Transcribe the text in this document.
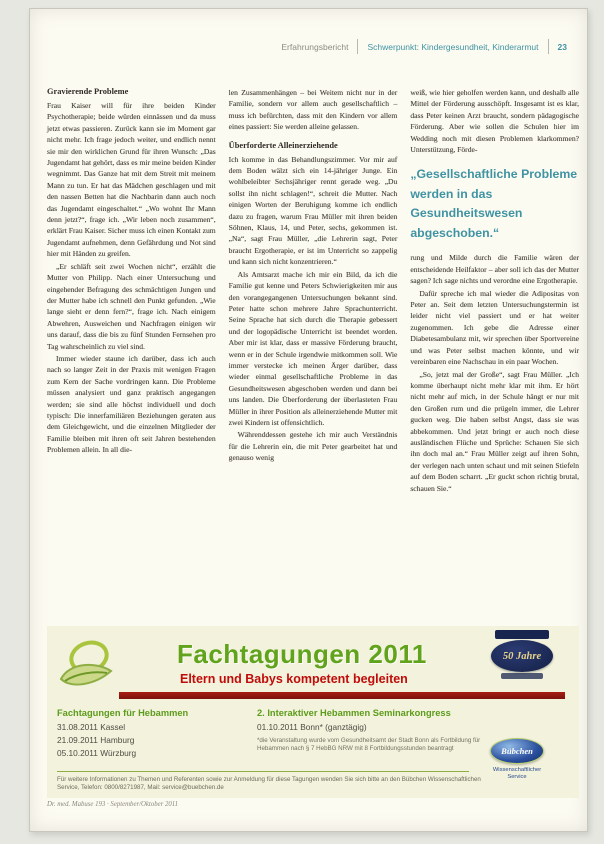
Erfahrungsbericht Schwerpunkt: Kindergesundheit, Kinderarmut 23
Gravierende Probleme

Frau Kaiser will für ihre beiden Kinder Psychotherapie; beide würden einnässen und da muss jetzt etwas passieren. Zurück kann sie im Moment gar nicht mehr. Ich frage jedoch weiter, und endlich nennt sie mir den wirklichen Grund für ihren Wunsch: „Das Jugendamt hat gehört, dass es mir meine beiden Kinder wegnimmt. Das Ganze hat mit dem Streit mit meinem Mann zu tun. Er hat das Mädchen geschlagen und mit den nassen Betten hat die Nachbarin dann auch noch das Jugendamt eingeschaltet.“ „Wo wohnt Ihr Mann denn jetzt?“, frage ich. „Wir leben noch zusammen“, erklärt Frau Kaiser. Sicher muss ich einen Kontakt zum Jugendamt aufnehmen, denn Gefährdung und Not sind hier mit Händen zu greifen.

„Er schläft seit zwei Wochen nicht“, erzählt die Mutter von Philipp. Nach einer Untersuchung und eingehender Befragung des schmächtigen Jungen und der Mutter habe ich schnell den Punkt gefunden. „Wie lange sieht er denn fern?“, frage ich. Nach einigem Abwehren, Ausweichen und Nachfragen einigen wir uns darauf, dass die bis zu fünf Stunden Fernsehen pro Tag wahrscheinlich zu viel sind.

Immer wieder staune ich darüber, dass ich auch nach so langer Zeit in der Praxis mit wenigen Fragen zum Kern der Sache vordringen kann. Die Probleme müssen analysiert und ganz praktisch angegangen werden; sie sind alle höchst individuell und doch typisch: Die innerfamiliären Beziehungen geraten aus dem Gleichgewicht, und die einzelnen Mitglieder der Familie bleiben mit ihren oft seit Jahren bestehenden Problemen allein. In all die-

len Zusammenhängen – bei Weitem nicht nur in der Familie, sondern vor allem auch gesellschaftlich – muss ich befürchten, dass mit den Kindern vor allem eines passiert: Sie werden alleine gelassen.

Überforderte Alleinerziehende

Ich komme in das Behandlungszimmer. Vor mir auf dem Boden wälzt sich ein 14-jähriger Junge. Ein wohlbeleibter Sechsjähriger rennt gerade weg. „Du sollst ihn nicht schlagen!“, schreit die Mutter. Nach einigen Worten der Beruhigung komme ich endlich dazu zu fragen, warum Frau Müller mit ihren beiden Söhnen, Klaus, 14, und Peter, sechs, gekommen ist. „Na“, sagt Frau Müller, „die Lehrerin sagt, Peter braucht Ergotherapie, er ist im Unterricht so zappelig und kann sich nicht konzentrieren.“

Als Amtsarzt mache ich mir ein Bild, da ich die Familie gut kenne und Peters Schwierigkeiten mir aus den vorangegangenen Untersuchungen bekannt sind. Peter hatte schon mehrere Jahre Sprachunterricht. Seine Sprache hat sich durch die Therapie gebessert und der logopädische Unterricht ist beendet worden. Aber mir ist klar, dass er massive Förderung braucht, wenn er in der Schule irgendwie mitkommen soll. Wie immer verstecke ich meinen Ärger darüber, dass wieder einmal gesellschaftliche Probleme in das Gesundheitswesen abgeschoben werden und dann bei uns landen. Die Überforderung der überlasteten Frau Müller in ihrer Position als alleinerziehende Mutter mit zwei Kindern ist offensichtlich.

Währenddessen gestehe ich mir auch Verständnis für die Lehrerin ein, die mit Peter gearbeitet hat und genauso wenig

weiß, wie hier geholfen werden kann, und deshalb alle Mittel der Förderung ausschöpft. Insgesamt ist es klar, dass Peter keinen Arzt braucht, sondern pädagogische Förderung. Aber wie sollen die Schulen hier im Wedding noch mit diesen Problemen klarkommen? Unterstützung, Förde-

„Gesellschaftliche Probleme werden in das Gesundheitswesen abgeschoben.“

rung und Milde durch die Familie wären der entscheidende Heilfaktor – aber soll ich das der Mutter sagen? Ich sage nichts und verordne eine Ergotherapie.

Dafür spreche ich mal wieder die Adipositas von Peter an. Seit dem letzten Untersuchungstermin ist leider nicht viel passiert und er hat weiter zugenommen. Ich gebe die Adresse einer Diabetesambulanz mit, wir sprechen über Sportvereine und was Peter selbst machen könnte, und wir vereinbaren eine Nachschau in ein paar Wochen.

„So, jetzt mal der Große“, sagt Frau Müller. „Ich komme überhaupt nicht mehr klar mit ihm. Er hört nicht mehr auf mich, in der Schule hängt er nur mit den Großen rum und die prügeln immer, die Lehrer gucken weg. Die haben selbst Angst, dass sie was abbekommen. Und jetzt bringt er auch noch diese ausländischen Flüche und Sprüche: Schauen Sie sich ihn doch mal an.“ Frau Müller zeigt auf ihren Sohn, der verlegen nach unten schaut und mit seinen Stiefeln auf dem Boden scharrt. „Er guckt schon richtig brutal, schauen Sie.“

Fachtagungen 2011
Eltern und Babys kompetent begleiten
50 Jahre
Fachtagungen für Hebammen
31.08.2011 Kassel
21.09.2011 Hamburg
05.10.2011 Würzburg
2. Interaktiver Hebammen Seminarkongress
01.10.2011 Bonn* (ganztägig)
*die Veranstaltung wurde vom Gesundheitsamt der Stadt Bonn als Fortbildung für Hebammen nach § 7 HebBG NRW mit 8 Fortbildungsstunden beantragt
Für weitere Informationen zu Themen und Referenten sowie zur Anmeldung für diese Tagungen wenden Sie sich bitte an den Bübchen Wissenschaftlichen Service, Telefon: 0800/8271987, Mail: service@buebchen.de
Bübchen
Wissenschaftlicher Service
Dr. med. Mabuse 193 · September/Oktober 2011
